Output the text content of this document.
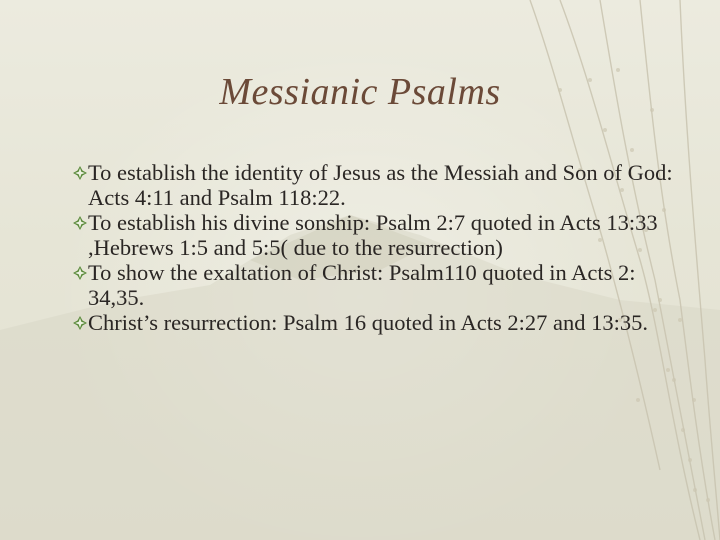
Messianic Psalms
To establish the identity of Jesus as the Messiah and Son of God: Acts 4:11 and Psalm 118:22.
To establish his divine sonship: Psalm 2:7 quoted in Acts 13:33 ,Hebrews 1:5 and 5:5( due to the resurrection)
To show the exaltation of Christ: Psalm110 quoted in Acts 2: 34,35.
Christ’s resurrection: Psalm 16 quoted in Acts 2:27 and 13:35.
